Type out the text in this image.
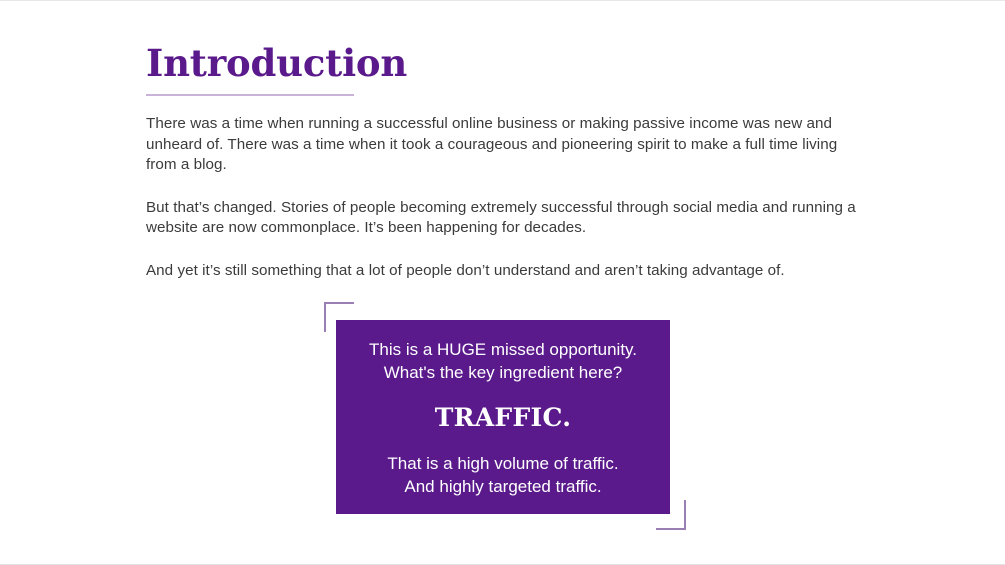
Introduction

There was a time when running a successful online business or making passive income was new and unheard of. There was a time when it took a courageous and pioneering spirit to make a full time living from a blog.

But that’s changed. Stories of people becoming extremely successful through social media and running a website are now commonplace. It’s been happening for decades.

And yet it’s still something that a lot of people don’t understand and aren’t taking advantage of.

This is a HUGE missed opportunity.
What's the key ingredient here?
TRAFFIC.
That is a high volume of traffic.
And highly targeted traffic.
